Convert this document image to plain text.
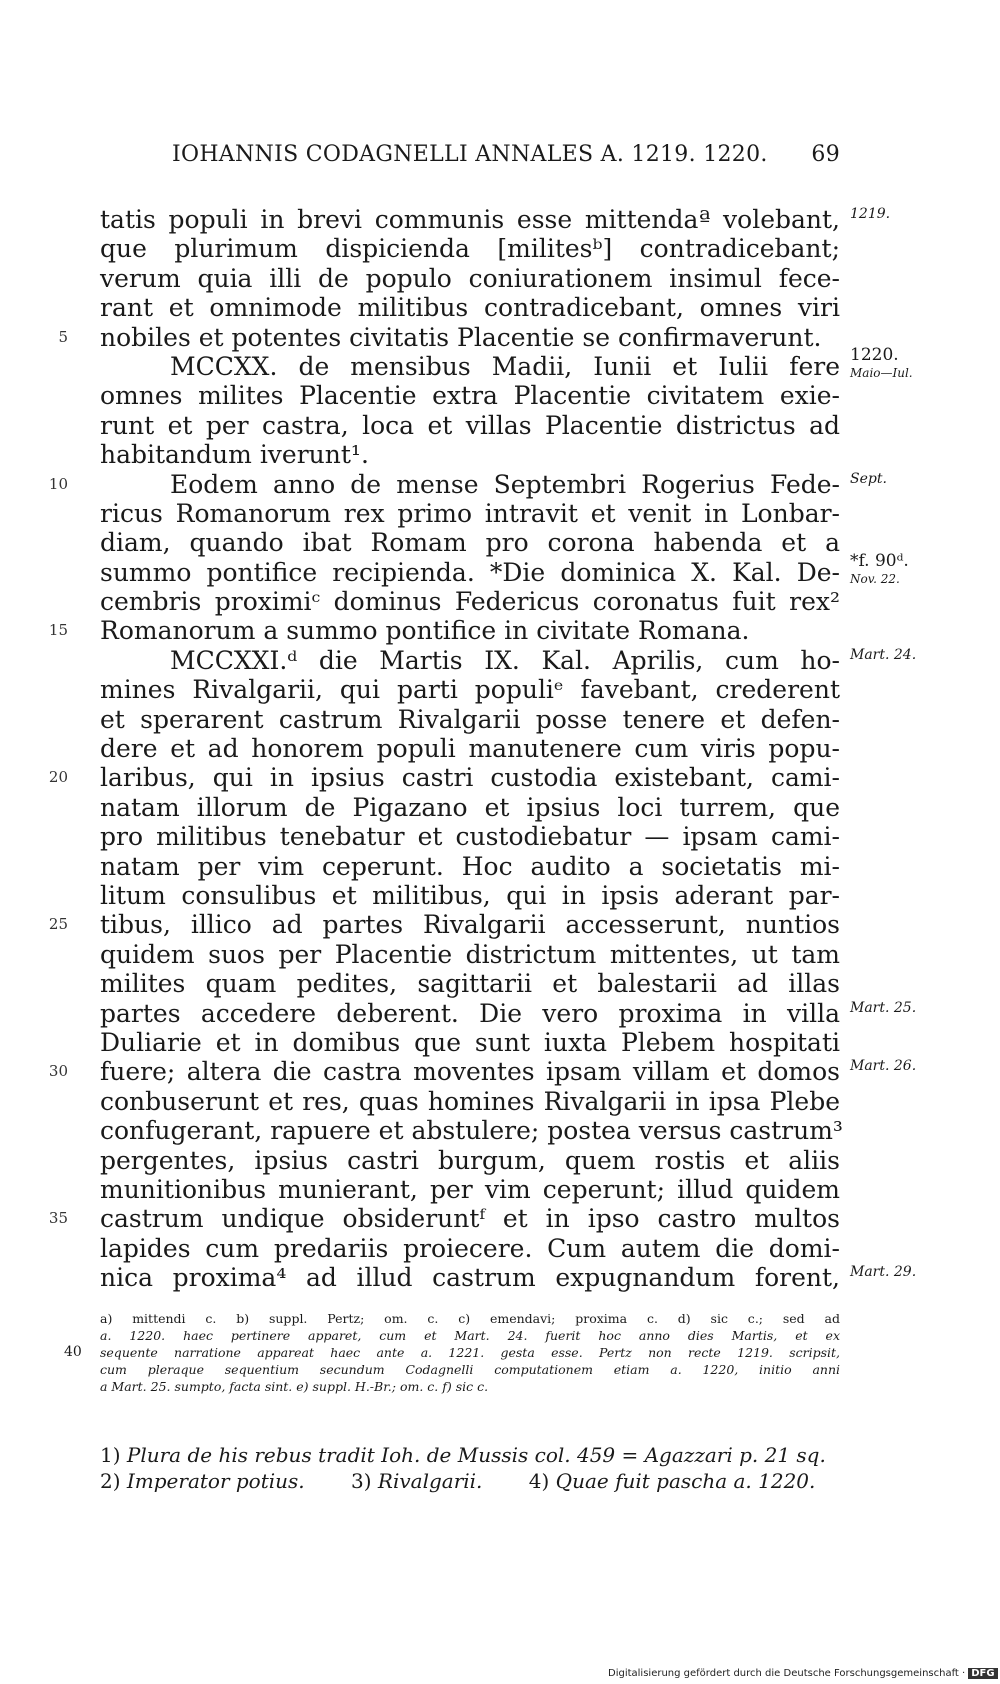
IOHANNIS CODAGNELLI ANNALES A. 1219. 1220. 69
tatis populi in brevi communis esse mittendaª volebant, 1219.
que plurimum dispicienda [militesᵇ] contradicebant;
verum quia illi de populo coniurationem insimul fece-
rant et omnimode militibus contradicebant, omnes viri
nobiles et potentes civitatis Placentie se confirmaverunt.
5
MCCXX. de mensibus Madii, Iunii et Iulii fere 1220.
Maio—Iul.
omnes milites Placentie extra Placentie civitatem exie-
runt et per castra, loca et villas Placentie districtus ad
habitandum iverunt¹.
Eodem anno de mense Septembri Rogerius Fede-
10	Sept.
ricus Romanorum rex primo intravit et venit in Lonbar-
diam, quando ibat Romam pro corona habenda et a
summo pontifice recipienda. *Die dominica X. Kal. De- *f. 90ᵈ.
Nov. 22.
cembris proximiᶜ dominus Federicus coronatus fuit rex²
Romanorum a summo pontifice in civitate Romana.
15
MCCXXI.ᵈ die Martis IX. Kal. Aprilis, cum ho- Mart. 24.
mines Rivalgarii, qui parti populiᵉ favebant, crederent
et sperarent castrum Rivalgarii posse tenere et defen-
dere et ad honorem populi manutenere cum viris popu-
laribus, qui in ipsius castri custodia existebant, cami-
20
natam illorum de Pigazano et ipsius loci turrem, que
pro militibus tenebatur et custodiebatur — ipsam cami-
natam per vim ceperunt. Hoc audito a societatis mi-
litum consulibus et militibus, qui in ipsis aderant par-
tibus, illico ad partes Rivalgarii accesserunt, nuntios
25
quidem suos per Placentie districtum mittentes, ut tam
milites quam pedites, sagittarii et balestarii ad illas
partes accedere deberent. Die vero proxima in villa Mart. 25.
Duliarie et in domibus que sunt iuxta Plebem hospitati
fuere; altera die castra moventes ipsam villam et domos
30	Mart. 26.
conbuserunt et res, quas homines Rivalgarii in ipsa Plebe
confugerant, rapuere et abstulere; postea versus castrum³
pergentes, ipsius castri burgum, quem rostis et aliis
munitionibus munierant, per vim ceperunt; illud quidem
castrum undique obsideruntᶠ et in ipso castro multos
35
lapides cum predariis proiecere. Cum autem die domi-
nica proxima⁴ ad illud castrum expugnandum forent, Mart. 29.
40
a) mittendi c. b) suppl. Pertz; om. c. c) emendavi; proxima c. d) sic c.; sed ad
a. 1220. haec pertinere apparet, cum et Mart. 24. fuerit hoc anno dies Martis, et ex
sequente narratione appareat haec ante a. 1221. gesta esse. Pertz non recte 1219. scripsit,
cum pleraque sequentium secundum Codagnelli computationem etiam a. 1220, initio anni
a Mart. 25. sumpto, facta sint. e) suppl. H.-Br.; om. c. f) sic c.
1) Plura de his rebus tradit Ioh. de Mussis col. 459 = Agazzari p. 21 sq.
2) Imperator potius. 3) Rivalgarii. 4) Quae fuit pascha a. 1220.
Digitalisierung gefördert durch die Deutsche Forschungsgemeinschaft · DFG
